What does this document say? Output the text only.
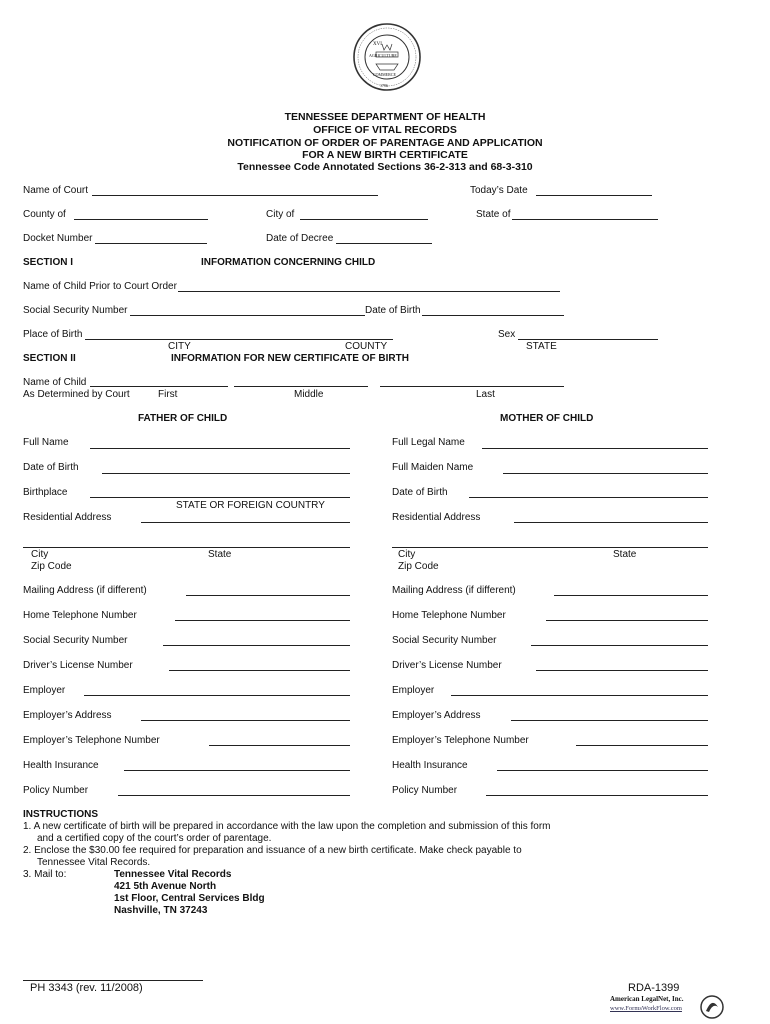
XVI
AGRICULTURE
COMMERCE
1796
TENNESSEE DEPARTMENT OF HEALTH
OFFICE OF VITAL RECORDS
NOTIFICATION OF ORDER OF PARENTAGE AND APPLICATION
FOR A NEW BIRTH CERTIFICATE
Tennessee Code Annotated Sections 36-2-313 and 68-3-310
Name of Court	Today’s Date
County of	City of	State of
Docket Number	Date of Decree
SECTION I	INFORMATION CONCERNING CHILD
Name of Child Prior to Court Order
Social Security Number	Date of Birth
Place of Birth	Sex
CITY	COUNTY	STATE
SECTION II	INFORMATION FOR NEW CERTIFICATE OF BIRTH
Name of Child
As Determined by Court	First	Middle	Last
FATHER OF CHILD	MOTHER OF CHILD
Full Name
Date of Birth
Birthplace
STATE OR FOREIGN COUNTRY
Residential Address
City	State
Zip Code
Mailing Address (if different)
Home Telephone Number
Social Security Number
Driver’s License Number
Employer
Employer’s Address
Employer’s Telephone Number
Health Insurance
Policy Number
Full Legal Name
Full Maiden Name
Date of Birth
Residential Address
City	State
Zip Code
Mailing Address (if different)
Home Telephone Number
Social Security Number
Driver’s License Number
Employer
Employer’s Address
Employer’s Telephone Number
Health Insurance
Policy Number
INSTRUCTIONS
1. A new certificate of birth will be prepared in accordance with the law upon the completion and submission of this form
and a certified copy of the court’s order of parentage.
2. Enclose the $30.00 fee required for preparation and issuance of a new birth certificate. Make check payable to
Tennessee Vital Records.
3. Mail to:	Tennessee Vital Records
421 5th Avenue North
1st Floor, Central Services Bldg
Nashville, TN 37243
PH 3343 (rev. 11/2008)	RDA-1399
American LegalNet, Inc.
www.FormsWorkFlow.com
